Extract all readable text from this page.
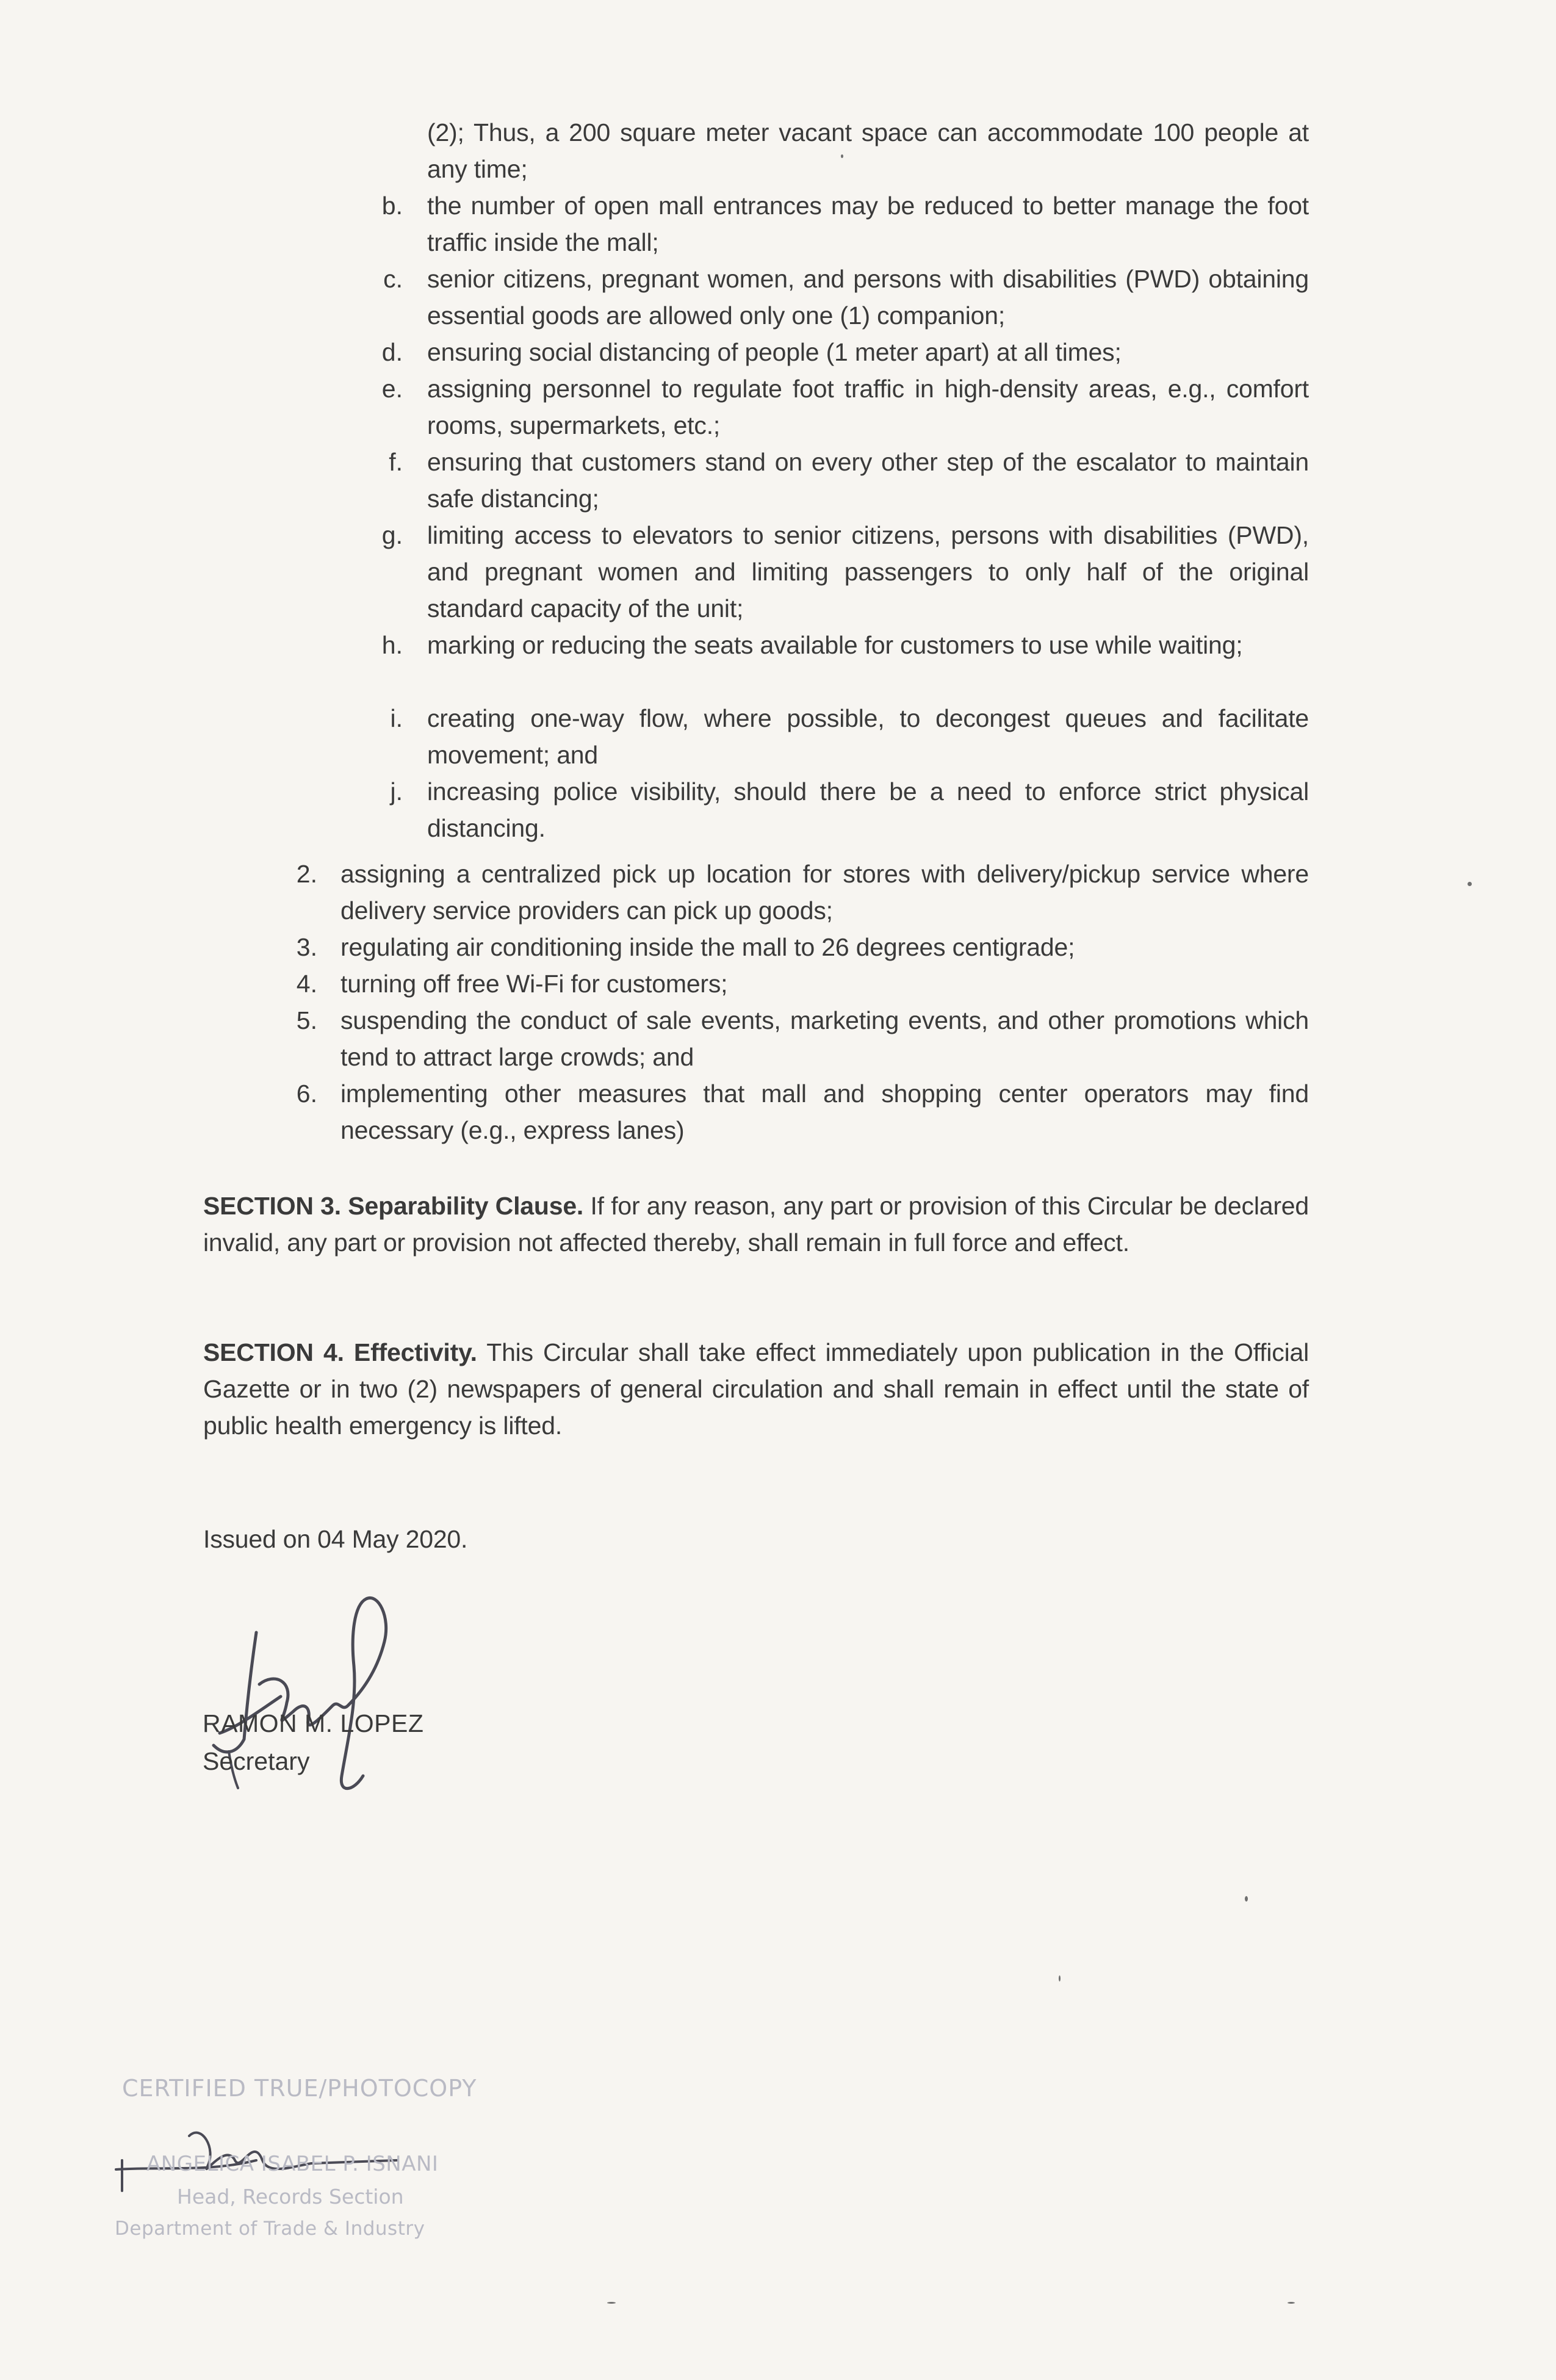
(2); Thus, a 200 square meter vacant space can accommodate 100 people at any time;
b. the number of open mall entrances may be reduced to better manage the foot traffic inside the mall;
c. senior citizens, pregnant women, and persons with disabilities (PWD) obtaining essential goods are allowed only one (1) companion;
d. ensuring social distancing of people (1 meter apart) at all times;
e. assigning personnel to regulate foot traffic in high-density areas, e.g., comfort rooms, supermarkets, etc.;
f. ensuring that customers stand on every other step of the escalator to maintain safe distancing;
g. limiting access to elevators to senior citizens, persons with disabilities (PWD), and pregnant women and limiting passengers to only half of the original standard capacity of the unit;
h. marking or reducing the seats available for customers to use while waiting;
i. creating one-way flow, where possible, to decongest queues and facilitate movement; and
j. increasing police visibility, should there be a need to enforce strict physical distancing.
2. assigning a centralized pick up location for stores with delivery/pickup service where delivery service providers can pick up goods;
3. regulating air conditioning inside the mall to 26 degrees centigrade;
4. turning off free Wi-Fi for customers;
5. suspending the conduct of sale events, marketing events, and other promotions which tend to attract large crowds; and
6. implementing other measures that mall and shopping center operators may find necessary (e.g., express lanes)
SECTION 3. Separability Clause. If for any reason, any part or provision of this Circular be declared invalid, any part or provision not affected thereby, shall remain in full force and effect.
SECTION 4. Effectivity. This Circular shall take effect immediately upon publication in the Official Gazette or in two (2) newspapers of general circulation and shall remain in effect until the state of public health emergency is lifted.
Issued on 04 May 2020.
RAMON M. LOPEZ
Secretary
CERTIFIED TRUE/PHOTOCOPY
ANGELICA ISABEL P. ISNANI
Head, Records Section
Department of Trade & Industry
